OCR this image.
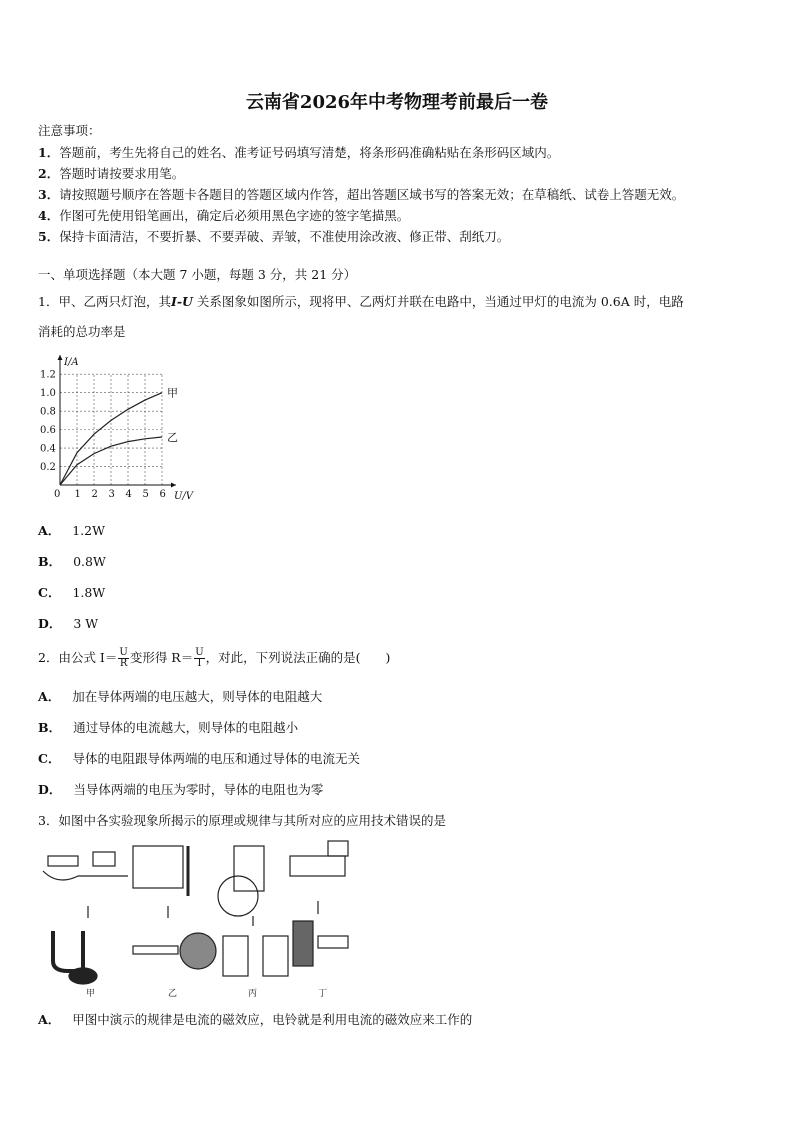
云南省2026年中考物理考前最后一卷
注意事项：
1．答题前，考生先将自己的姓名、准考证号码填写清楚，将条形码准确粘贴在条形码区域内。
2．答题时请按要求用笔。
3．请按照题号顺序在答题卡各题目的答题区域内作答，超出答题区域书写的答案无效；在草稿纸、试卷上答题无效。
4．作图可先使用铅笔画出，确定后必须用黑色字迹的签字笔描黑。
5．保持卡面清洁，不要折暴、不要弄破、弄皱，不准使用涂改液、修正带、刮纸刀。
一、单项选择题（本大题 7 小题，每题 3 分，共 21 分）
1．甲、乙两只灯泡，其I-U 关系图象如图所示，现将甲、乙两灯并联在电路中，当通过甲灯的电流为 0.6A 时，电路
消耗的总功率是
0 1 2 3 4 5 6
0.2
0.4
0.6
0.8
1.0
1.2
I/A
U/V
甲
乙
A． 1.2W
B． 0.8W
C． 1.8W
D． 3 W
2．由公式 $I= \frac{U}{R}$ 变形得 $R= \frac{U}{I}$ ，对此，下列说法正确的是(　　)
A． 加在导体两端的电压越大，则导体的电阻越大
B． 通过导体的电流越大，则导体的电阻越小
C． 导体的电阻跟导体两端的电压和通过导体的电流无关
D． 当导体两端的电压为零时，导体的电阻也为零
3．如图中各实验现象所揭示的原理或规律与其所对应的应用技术错误的是
甲	乙	丙	丁
A． 甲图中演示的规律是电流的磁效应，电铃就是利用电流的磁效应来工作的
